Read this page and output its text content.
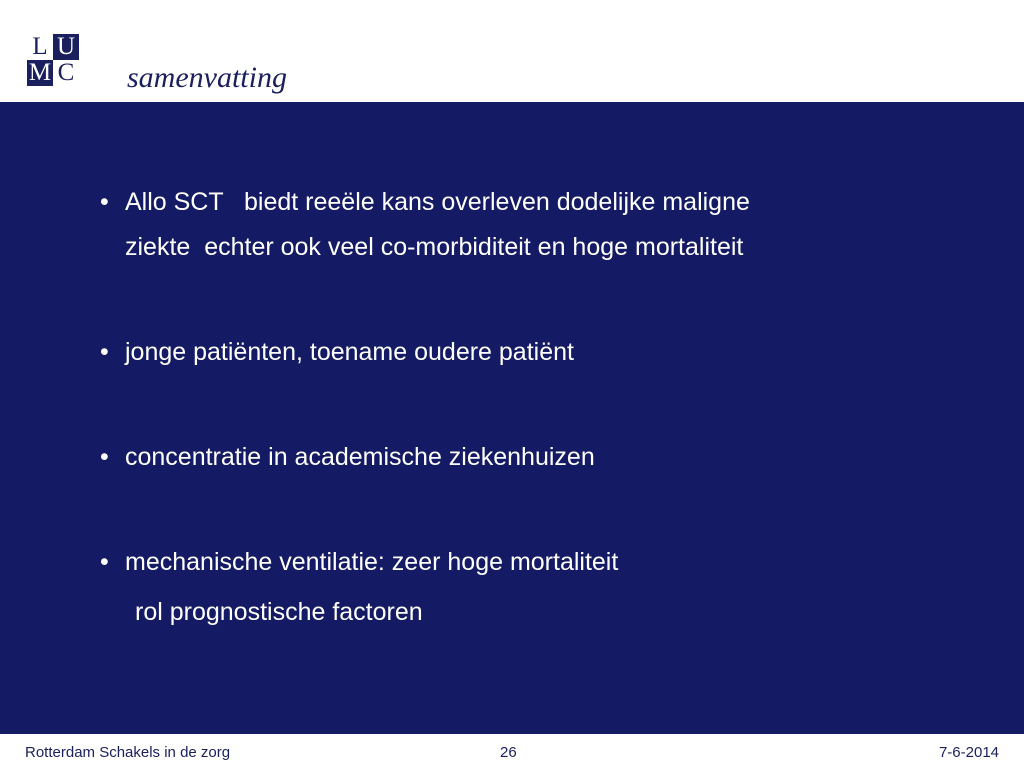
L U
M C samenvatting
• Allo SCT   biedt reeële kans overleven dodelijke maligne
ziekte  echter ook veel co-morbiditeit en hoge mortaliteit
• jonge patiënten, toename oudere patiënt
• concentratie in academische ziekenhuizen
• mechanische ventilatie: zeer hoge mortaliteit
rol prognostische factoren
Rotterdam Schakels in de zorg	26	7-6-2014
